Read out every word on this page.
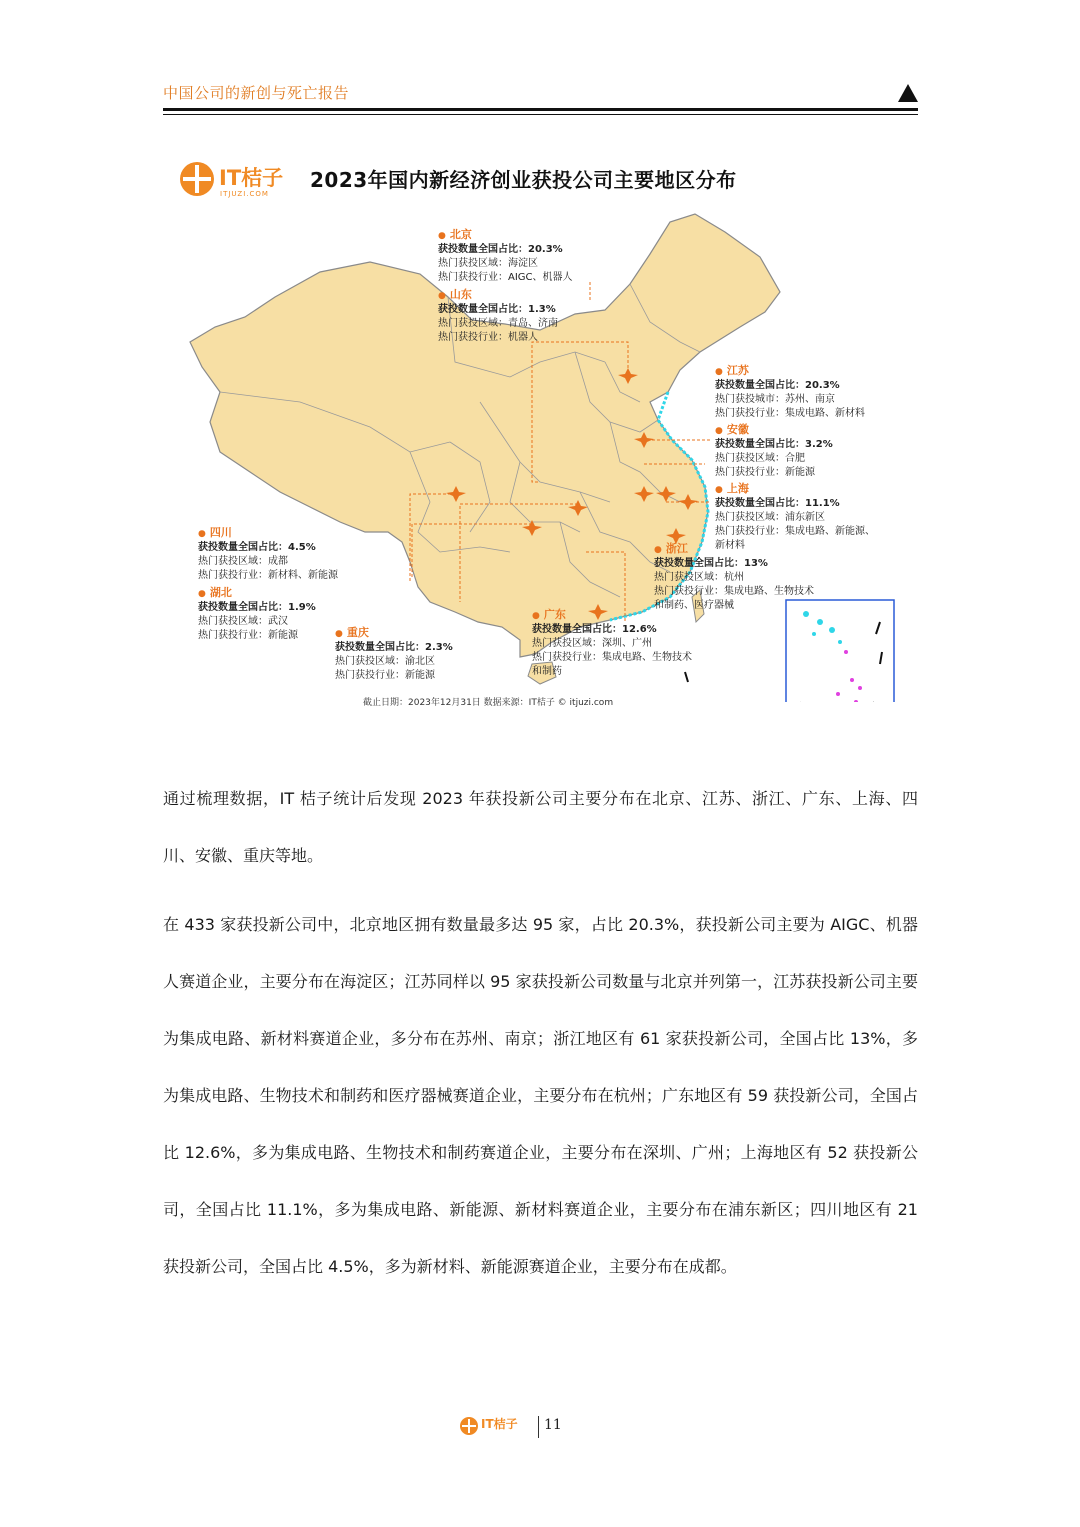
中国公司的新创与死亡报告
IT桔子
ITJUZI.COM
2023年国内新经济创业获投公司主要地区分布
● 北京
获投数量全国占比：20.3%
热门获投区域：海淀区
热门获投行业：AIGC、机器人
● 山东
获投数量全国占比：1.3%
热门获投区域：青岛、济南
热门获投行业：机器人
● 江苏
获投数量全国占比：20.3%
热门获投城市：苏州、南京
热门获投行业：集成电路、新材料
● 安徽
获投数量全国占比：3.2%
热门获投区域：合肥
热门获投行业：新能源
● 上海
获投数量全国占比：11.1%
热门获投区域：浦东新区
热门获投行业：集成电路、新能源、
新材料
● 浙江
获投数量全国占比：13%
热门获投区域：杭州
热门获投行业：集成电路、生物技术
和制药、医疗器械
● 广东
获投数量全国占比：12.6%
热门获投区域：深圳、广州
热门获投行业：集成电路、生物技术
和制药
● 四川
获投数量全国占比：4.5%
热门获投区域：成都
热门获投行业：新材料、新能源
● 湖北
获投数量全国占比：1.9%
热门获投区域：武汉
热门获投行业：新能源
●	重庆
获投数量全国占比：2.3%
热门获投区域：渝北区
热门获投行业：新能源
截止日期：2023年12月31日 数据来源：IT桔子 © itjuzi.com

通过梳理数据，IT 桔子统计后发现 2023 年获投新公司主要分布在北京、江苏、浙江、广东、上海、四川、安徽、重庆等地。

在 433 家获投新公司中，北京地区拥有数量最多达 95 家，占比 20.3%，获投新公司主要为 AIGC、机器人赛道企业，主要分布在海淀区；江苏同样以 95 家获投新公司数量与北京并列第一，江苏获投新公司主要为集成电路、新材料赛道企业，多分布在苏州、南京；浙江地区有 61 家获投新公司，全国占比 13%，多为集成电路、生物技术和制药和医疗器械赛道企业，主要分布在杭州；广东地区有 59 获投新公司，全国占比 12.6%，多为集成电路、生物技术和制药赛道企业，主要分布在深圳、广州；上海地区有 52 获投新公司，全国占比 11.1%，多为集成电路、新能源、新材料赛道企业，主要分布在浦东新区；四川地区有 21 获投新公司，全国占比 4.5%，多为新材料、新能源赛道企业，主要分布在成都。

IT桔子 11
